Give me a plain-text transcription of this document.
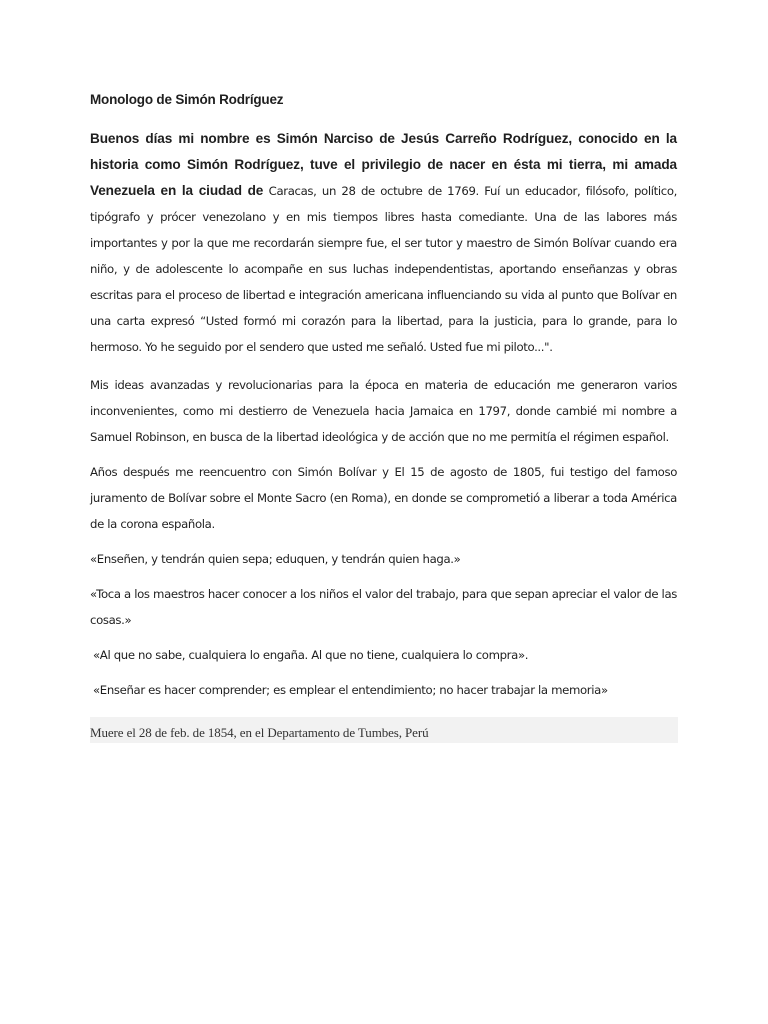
Monologo de Simón Rodríguez

Buenos días mi nombre es Simón Narciso de Jesús Carreño Rodríguez, conocido en la historia como Simón Rodríguez, tuve el privilegio de nacer en ésta mi tierra, mi amada Venezuela en la ciudad de Caracas, un 28 de octubre de 1769. Fuí un educador, filósofo, político, tipógrafo y prócer venezolano y en mis tiempos libres hasta comediante. Una de las labores más importantes y por la que me recordarán siempre fue, el ser tutor y maestro de Simón Bolívar cuando era niño, y de adolescente lo acompañe en sus luchas independentistas, aportando enseñanzas y obras escritas para el proceso de libertad e integración americana influenciando su vida al punto que Bolívar en una carta expresó “Usted formó mi corazón para la libertad, para la justicia, para lo grande, para lo hermoso. Yo he seguido por el sendero que usted me señaló. Usted fue mi piloto...".

Mis ideas avanzadas y revolucionarias para la época en materia de educación me generaron varios inconvenientes, como mi destierro de Venezuela hacia Jamaica en 1797, donde cambié mi nombre a Samuel Robinson, en busca de la libertad ideológica y de acción que no me permitía el régimen español.

Años después me reencuentro con Simón Bolívar y El 15 de agosto de 1805, fui testigo del famoso juramento de Bolívar sobre el Monte Sacro (en Roma), en donde se comprometió a liberar a toda América de la corona española.

«Enseñen, y tendrán quien sepa; eduquen, y tendrán quien haga.»

«Toca a los maestros hacer conocer a los niños el valor del trabajo, para que sepan apreciar el valor de las cosas.»

«Al que no sabe, cualquiera lo engaña. Al que no tiene, cualquiera lo compra».

«Enseñar es hacer comprender; es emplear el entendimiento; no hacer trabajar la memoria»

Muere el 28 de feb. de 1854, en el Departamento de Tumbes, Perú
